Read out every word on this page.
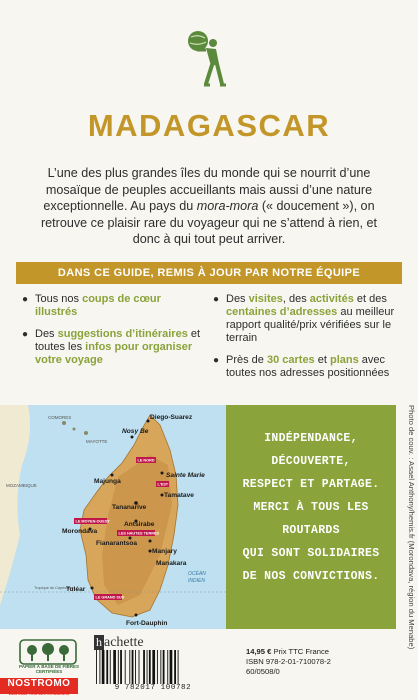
MADAGASCAR
L’une des plus grandes îles du monde qui se nourrit d’une mosaïque de peuples accueillants mais aussi d’une nature exceptionnelle. Au pays du mora-mora (« doucement »), on retrouve ce plaisir rare du voyageur qui ne s’attend à rien, et donc à qui tout peut arriver.
DANS CE GUIDE, REMIS À JOUR PAR NOTRE ÉQUIPE
● Tous nos coups de cœur illustrés
● Des suggestions d’itinéraires et toutes les infos pour organiser votre voyage
● Des visites, des activités et des centaines d’adresses au meilleur rapport qualité/prix vérifiées sur le terrain
● Près de 30 cartes et plans avec toutes nos adresses positionnées
COMORES
MAYOTTE
MOZAMBIQUE
OCÉAN
INDIEN
Tropique du Capricorne
Diego-Suarez
Nosy Be
Majunga
Sainte Marie
Tamatave
Tananarive
Morondava
Antsirabe
Fianarantsoa
Manakara
Manjary
Tuléar
Fort-Dauphin
LE NORD
L'EST
LE MOYEN-OUEST
LES HAUTES TERRES
LE GRAND SUD
INDÉPENDANCE,
DÉCOUVERTE,
RESPECT ET PARTAGE.
MERCI À TOUS LES ROUTARDS
QUI SONT SOLIDAIRES
DE NOS CONVICTIONS.	Photo de couv. : Asael Anthony/hemis.fr (Morondava, région du Menabe)
PAPIER À BASE DE FIBRES CERTIFIÉES
h achette
9 782017 100782
14,95 € Prix TTC France
ISBN 978-2-01-710078-2
60/0508/0
NOSTROMO
WEB COMPTOIR DES VOYAGEURS
